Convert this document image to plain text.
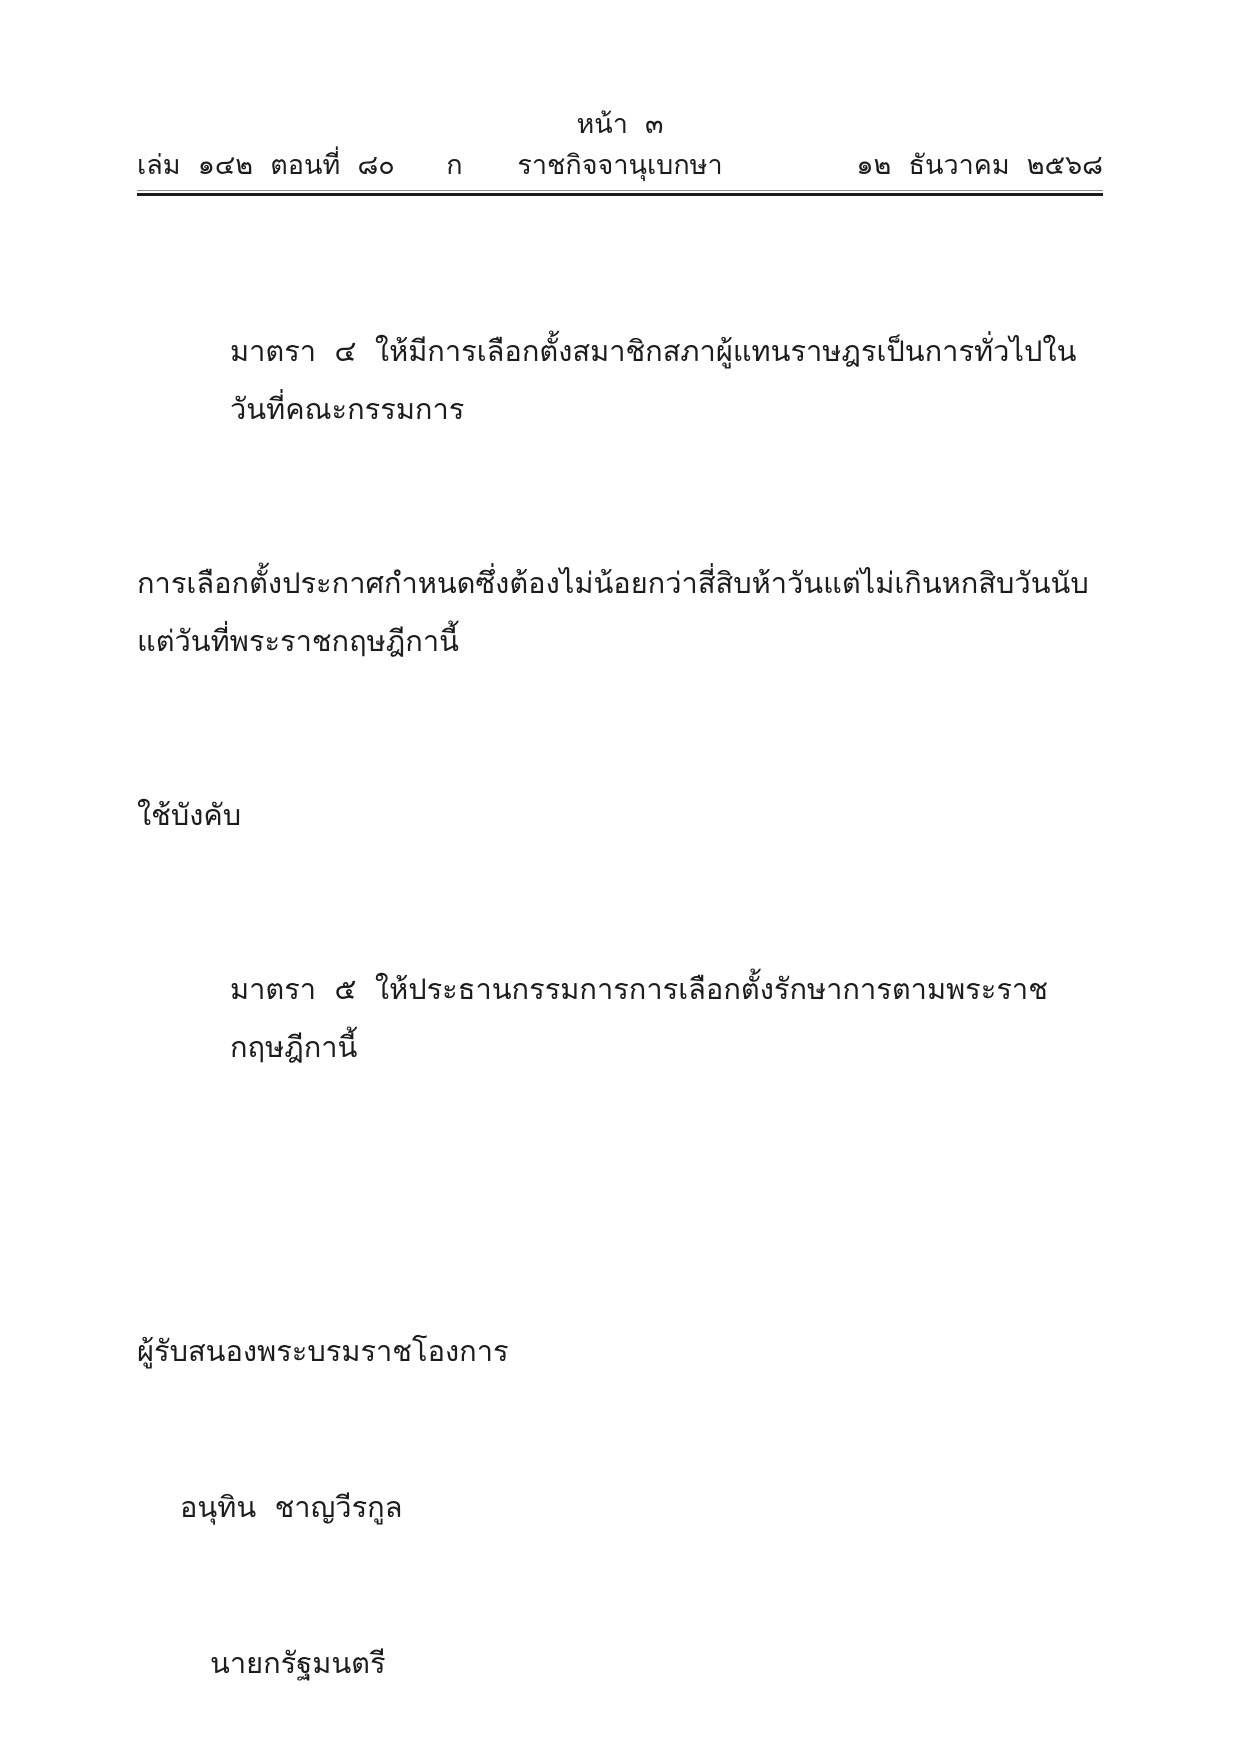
หน้า  ๓

เล่ม  ๑๔๒  ตอนที่  ๘๐      ก

ราชกิจจานุเบกษา

	๑๒  ธันวาคม  ๒๕๖๘

มาตรา  ๔  ให้มีการเลือกตั้งสมาชิกสภาผู้แทนราษฎรเป็นการทั่วไปในวันที่คณะกรรมการ

การเลือกตั้งประกาศกำหนดซึ่งต้องไม่น้อยกว่าสี่สิบห้าวันแต่ไม่เกินหกสิบวันนับแต่วันที่พระราชกฤษฎีกานี้

ใช้บังคับ

มาตรา  ๕  ให้ประธานกรรมการการเลือกตั้งรักษาการตามพระราชกฤษฎีกานี้

ผู้รับสนองพระบรมราชโองการ

อนุทิน  ชาญวีรกูล

นายกรัฐมนตรี
